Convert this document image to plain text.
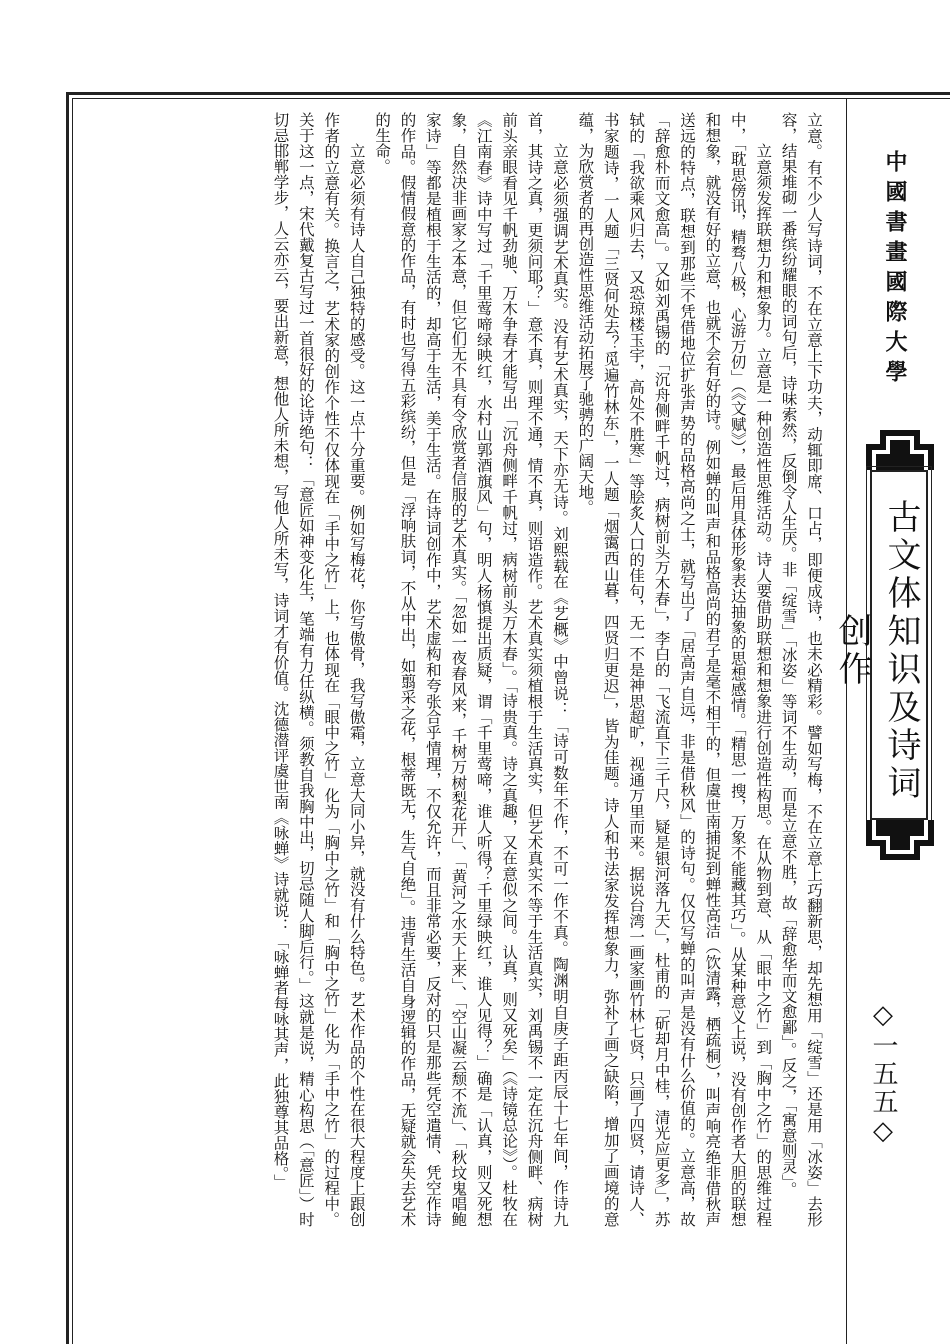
立意。有不少人写诗词，不在立意上下功夫，动辄即席、口占，即便成诗，也未必精彩。譬如写梅，不在立意上巧翻新思，却先想用「绽雪」还是用「冰姿」去形容，结果堆砌一番缤纷耀眼的词句后，诗味索然，反倒令人生厌。非「绽雪」「冰姿」等词不生动，而是立意不胜，故「辞愈华而文愈鄙」。反之，「寓意则灵」。

立意须发挥联想力和想象力。立意是一种创造性思维活动。诗人要借助联想和想象进行创造性构思。在从物到意、从「眼中之竹」到「胸中之竹」的思维过程中，「耽思傍讯，精骛八极，心游万仞」（《文赋》），最后用具体形象表达抽象的思想感情。「精思一搜，万象不能藏其巧」。从某种意义上说，没有创作者大胆的联想和想象，就没有好的立意，也就不会有好的诗。例如蝉的叫声和品格高尚的君子是毫不相干的，但虞世南捕捉到蝉性高洁（饮清露，栖疏桐），叫声响亮绝非借秋声送远的特点，联想到那些不凭借地位扩张声势的品格高尚之士，就写出了「居高声自远，非是借秋风」的诗句。仅仅写蝉的叫声是没有什么价值的。立意高，故「辞愈朴而文愈高」。又如刘禹锡的「沉舟侧畔千帆过，病树前头万木春」，李白的「飞流直下三千尺，疑是银河落九天」，杜甫的「斫却月中桂，清光应更多」，苏轼的「我欲乘风归去，又恐琼楼玉宇，高处不胜寒」等脍炙人口的佳句，无一不是神思超旷，视通万里而来。据说台湾一画家画竹林七贤，只画了四贤，请诗人、书家题诗，一人题「三贤何处去？觅遍竹林东」，一人题「烟霭西山暮，四贤归更迟」，皆为佳题。诗人和书法家发挥想象力，弥补了画之缺陷，增加了画境的意蕴，为欣赏者的再创造性思维活动拓展了驰骋的广阔天地。

立意必须强调艺术真实。没有艺术真实，天下亦无诗。刘熙载在《艺概》中曾说：「诗可数年不作，不可一作不真。陶渊明自庚子距丙辰十七年间，作诗九首，其诗之真，更须问耶？」意不真，则理不通，情不真，则语造作。艺术真实须植根于生活真实，但艺术真实不等于生活真实，刘禹锡不一定在沉舟侧畔、病树前头亲眼看见千帆劲驰、万木争春才能写出「沉舟侧畔千帆过，病树前头万木春」。「诗贵真。诗之真趣，又在意似之间。认真，则又死矣」（《诗镜总论》）。杜牧在《江南春》诗中写过「千里莺啼绿映红，水村山郭酒旗风」句，明人杨慎提出质疑，谓「千里莺啼，谁人听得？千里绿映红，谁人见得？」确是「认真，则又死想象，自然决非画家之本意，但它们无不具有令欣赏者信服的艺术真实。「忽如一夜春风来，千树万树梨花开」、「黄河之水天上来」、「空山凝云颓不流」、「秋坟鬼唱鲍家诗」等都是植根于生活的，却高于生活，美于生活。在诗词创作中，艺术虚构和夸张合乎情理，不仅允许，而且非常必要，反对的只是那些凭空遣情、凭空作诗的作品。假情假意的作品，有时也写得五彩缤纷，但是「浮响肤词，不从中出，如翦采之花，根蒂既无，生气自绝」。违背生活自身逻辑的作品，无疑就会失去艺术的生命。

立意必须有诗人自己独特的感受。这一点十分重要。例如写梅花，你写傲骨，我写傲霜，立意大同小异，就没有什么特色。艺术作品的个性在很大程度上跟创作者的立意有关。换言之，艺术家的创作个性不仅体现在「手中之竹」上，也体现在「眼中之竹」化为「胸中之竹」和「胸中之竹」化为「手中之竹」的过程中。关于这一点，宋代戴复古写过一首很好的论诗绝句：「意匠如神变化生，笔端有力任纵横。须教自我胸中出，切忌随人脚后行。」这就是说，精心构思（「意匠」）时切忌邯郸学步，人云亦云，要出新意，想他人所未想，写他人所未写，诗词才有价值。沈德潜评虞世南《咏蝉》诗就说：「咏蝉者每咏其声，此独尊其品格。」	中國書畫國際大學
古文体知识及诗词创作
◇一五五◇
